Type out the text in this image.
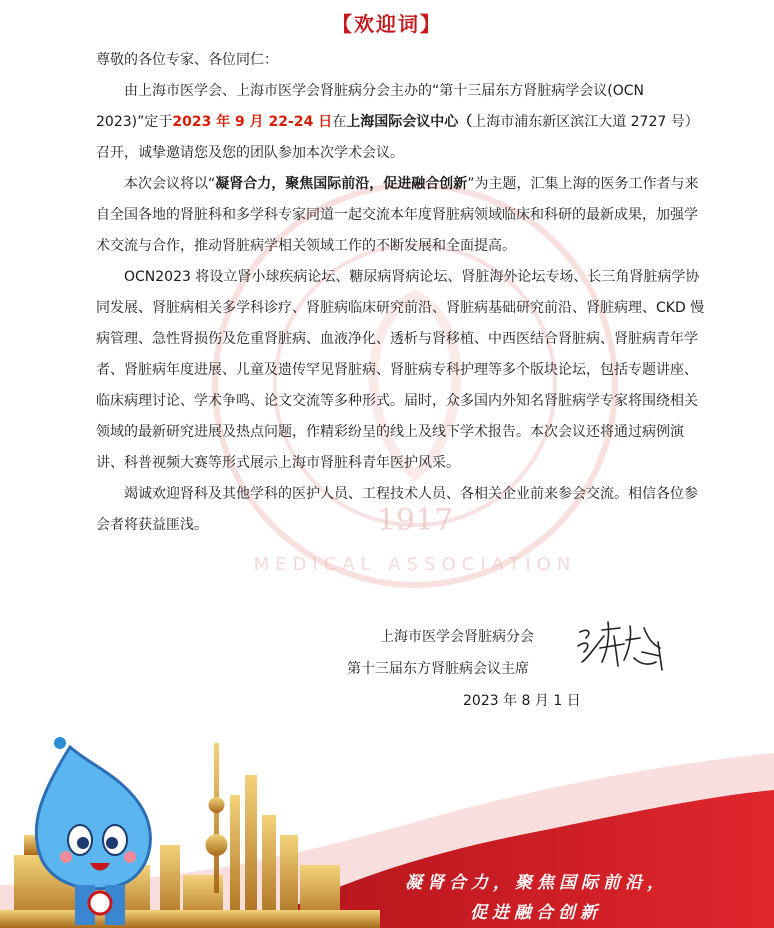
1917
MEDICAL ASSOCIATION
【欢迎词】

尊敬的各位专家、各位同仁：

由上海市医学会、上海市医学会肾脏病分会主办的“第十三届东方肾脏病学会议(OCN 2023)”定于2023 年 9 月 22-24 日在上海国际会议中心（上海市浦东新区滨江大道 2727 号）召开，诚挚邀请您及您的团队参加本次学术会议。

本次会议将以“凝肾合力，聚焦国际前沿，促进融合创新”为主题，汇集上海的医务工作者与来自全国各地的肾脏科和多学科专家同道一起交流本年度肾脏病领域临床和科研的最新成果，加强学术交流与合作，推动肾脏病学相关领域工作的不断发展和全面提高。

OCN2023 将设立肾小球疾病论坛、糖尿病肾病论坛、肾脏海外论坛专场、长三角肾脏病学协同发展、肾脏病相关多学科诊疗、肾脏病临床研究前沿、肾脏病基础研究前沿、肾脏病理、CKD 慢病管理、急性肾损伤及危重肾脏病、血液净化、透析与肾移植、中西医结合肾脏病、肾脏病青年学者、肾脏病年度进展、儿童及遗传罕见肾脏病、肾脏病专科护理等多个版块论坛，包括专题讲座、临床病理讨论、学术争鸣、论文交流等多种形式。届时，众多国内外知名肾脏病学专家将围绕相关领域的最新研究进展及热点问题，作精彩纷呈的线上及线下学术报告。本次会议还将通过病例演讲、科普视频大赛等形式展示上海市肾脏科青年医护风采。

竭诚欢迎肾科及其他学科的医护人员、工程技术人员、各相关企业前来参会交流。相信各位参会者将获益匪浅。

上海市医学会肾脏病分会
第十三届东方肾脏病会议主席
2023 年 8 月 1 日
凝肾合力，聚焦国际前沿，
促进融合创新
